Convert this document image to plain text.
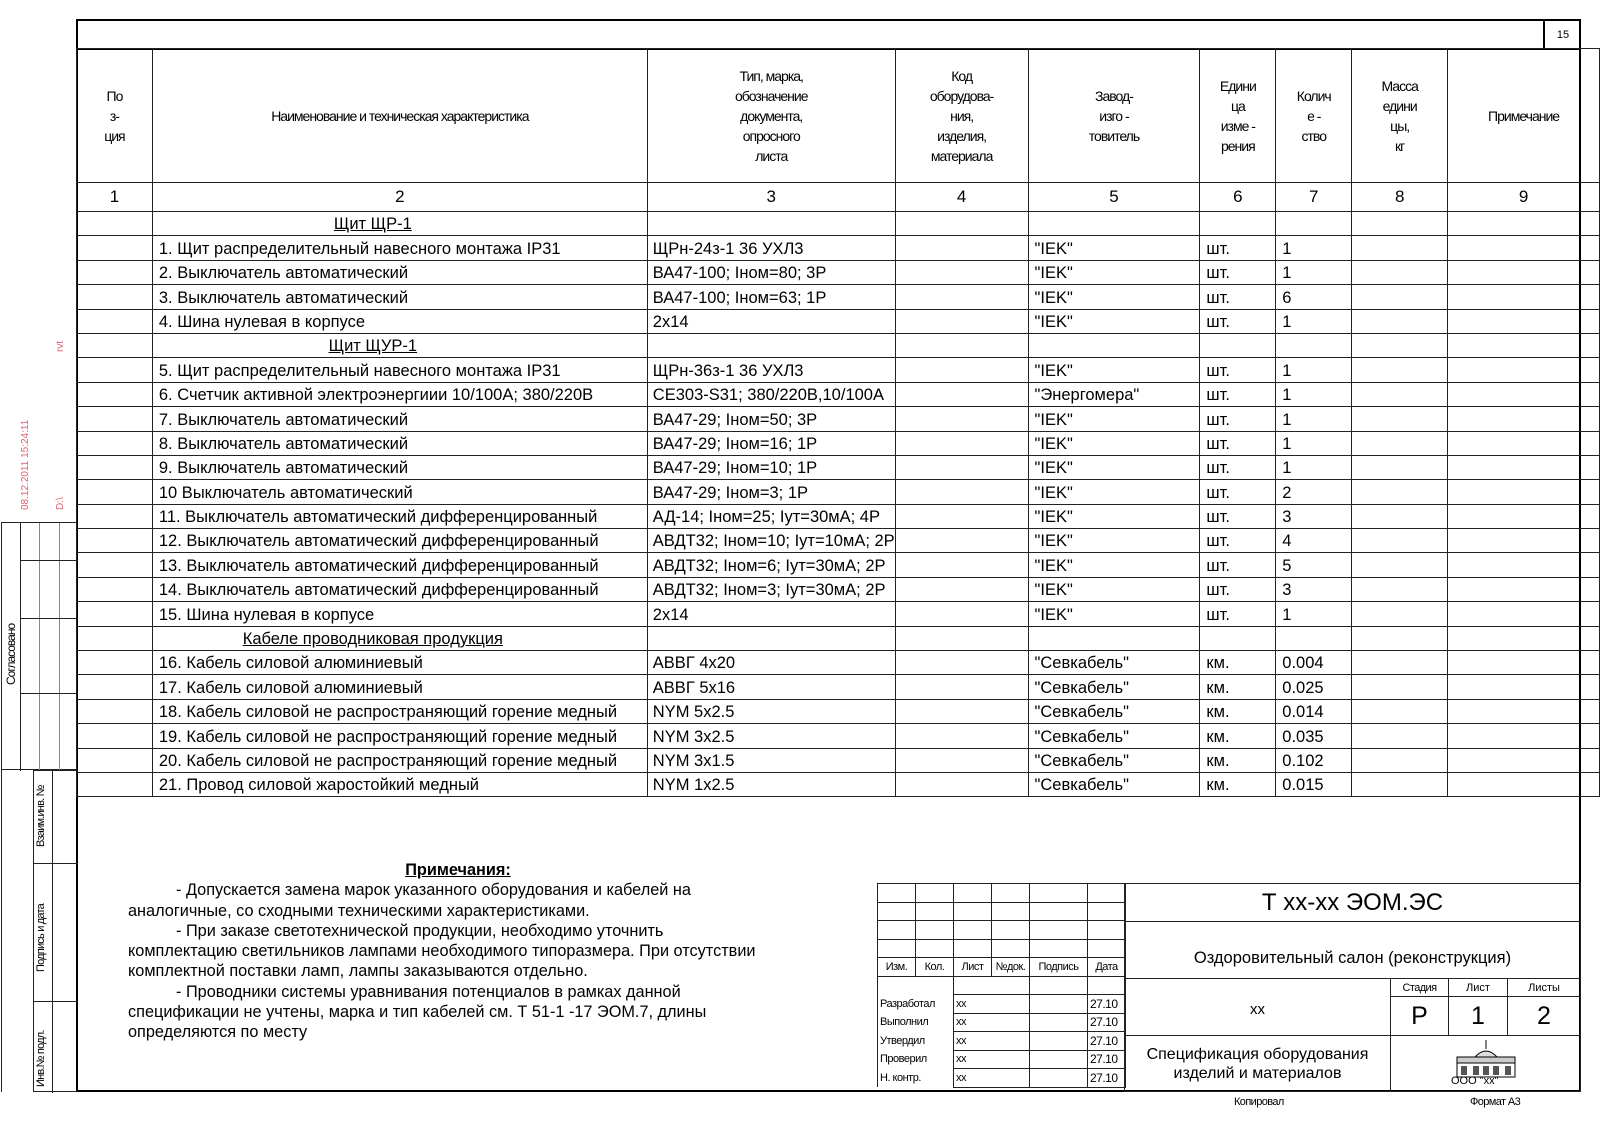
15
Согласовано
Взаим.инв. №
Подпись и дата
Инв.№ подл.
08.12.2011 15:24:11 D:\
rvt
По
з-
ция

Наименование и техническая характеристика

Тип, марка,
обозначение
документа,
опросного
листа

Код
оборудова-
ния,
изделия,
материала

Завод-
изго -
товитель

Едини
ца
изме -
рения

Колич
е -
ство

Масса
едини
цы,
кг

Примечание

1	2	3	4	5	6	7	8	9
	Щит ЩР-1							
	1. Щит распределительный навесного монтажа IP31	ЩРн-24з-1 36 УХЛ3		"IEK"	шт.	1		
	2. Выключатель автоматический	ВА47-100; Iном=80; 3Р		"IEK"	шт.	1		
	3. Выключатель автоматический	ВА47-100; Iном=63; 1Р		"IEK"	шт.	6		
	4. Шина нулевая в корпусе	2x14		"IEK"	шт.	1		
	Щит ЩУР-1							
	5. Щит распределительный навесного монтажа IP31	ЩРн-36з-1 36 УХЛ3		"IEK"	шт.	1		
	6. Счетчик активной электроэнергиии 10/100А; 380/220В	СЕ303-S31; 380/220В,10/100А		"Энергомера"	шт.	1		
	7. Выключатель автоматический	ВА47-29; Iном=50; 3Р		"IEK"	шт.	1		
	8. Выключатель автоматический	ВА47-29; Iном=16; 1Р		"IEK"	шт.	1		
	9. Выключатель автоматический	ВА47-29; Iном=10; 1Р		"IEK"	шт.	1		
	10 Выключатель автоматический	ВА47-29; Iном=3; 1Р		"IEK"	шт.	2		
	11. Выключатель автоматический дифференцированный	АД-14; Iном=25; Iут=30мА; 4Р		"IEK"	шт.	3		
	12. Выключатель автоматический дифференцированный	АВДТ32; Iном=10; Iут=10мА; 2Р		"IEK"	шт.	4		
	13. Выключатель автоматический дифференцированный	АВДТ32; Iном=6; Iут=30мА; 2Р		"IEK"	шт.	5		
	14. Выключатель автоматический дифференцированный	АВДТ32; Iном=3; Iут=30мА; 2Р		"IEK"	шт.	3		
	15. Шина нулевая в корпусе	2x14		"IEK"	шт.	1		
	Кабеле проводниковая продукция							
	16. Кабель силовой алюминиевый	АВВГ 4x20		"Севкабель"	км.	0.004		
	17. Кабель силовой алюминиевый	АВВГ 5x16		"Севкабель"	км.	0.025		
	18. Кабель силовой не распространяющий горение медный	NYM 5x2.5		"Севкабель"	км.	0.014		
	19. Кабель силовой не распространяющий горение медный	NYM 3x2.5		"Севкабель"	км.	0.035		
	20. Кабель силовой не распространяющий горение медный	NYM 3x1.5		"Севкабель"	км.	0.102		
	21. Провод силовой жаростойкий медный	NYM 1x2.5		"Севкабель"	км.	0.015		

Примечания:

- Допускается замена марок указанного оборудования и кабелей на аналогичные, со сходными техническими характеристиками.

- При заказе светотехнической продукции, необходимо уточнить комплектацию светильников лампами необходимого типоразмера. При отсутствии комплектной поставки ламп, лампы заказываются отдельно.

- Проводники системы уравнивания потенциалов в рамках данной спецификации не учтены, марка и тип кабелей см. Т 51-1 -17 ЭОМ.7, длины определяются по месту

Изм.	Кол.	Лист	№док.	Подпись	Дата

Разработал		хх			27.10
Выполнил		хх			27.10
Утвердил		хх			27.10
Проверил		хх			27.10
Н. контр.		хх			27.10
Т хх-хх ЭОМ.ЭС
Оздоровительный салон (реконструкция)
хх
Стадия	Лист	Листы
Р 1 2
Спецификация оборудования изделий и материалов	ООО "хх"
Копировал	Формат А3
